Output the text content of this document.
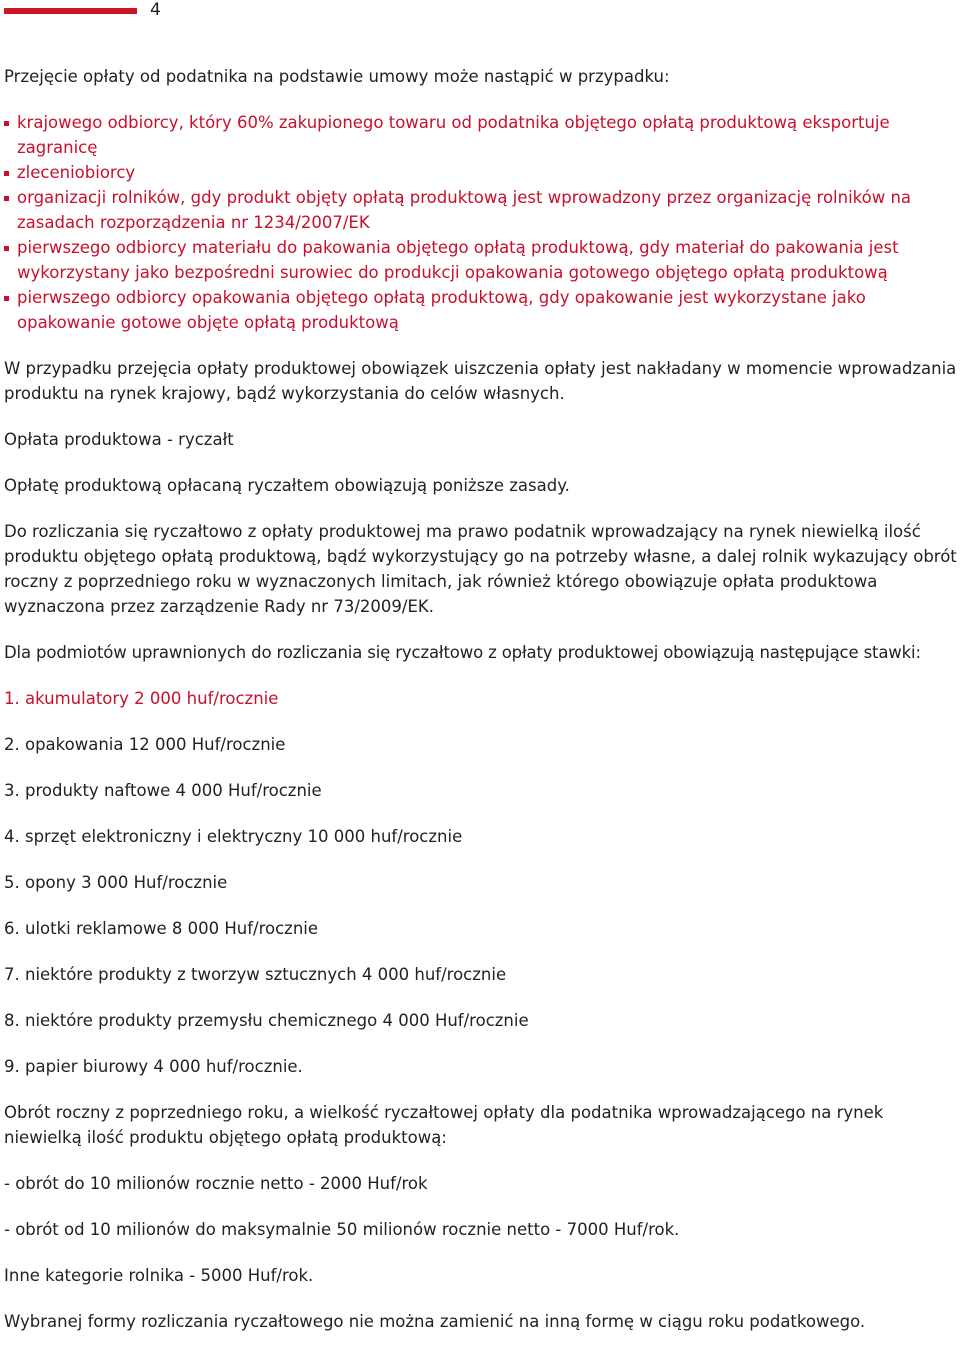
4

Przejęcie opłaty od podatnika na podstawie umowy może nastąpić w przypadku:

krajowego odbiorcy, który 60% zakupionego towaru od podatnika objętego opłatą produktową eksportuje zagranicę
zleceniobiorcy
organizacji rolników, gdy produkt objęty opłatą produktową jest wprowadzony przez organizację rolników na zasadach rozporządzenia nr 1234/2007/EK
pierwszego odbiorcy materiału do pakowania objętego opłatą produktową, gdy materiał do pakowania jest wykorzystany jako bezpośredni surowiec do produkcji opakowania gotowego objętego opłatą produktową
pierwszego odbiorcy opakowania objętego opłatą produktową, gdy opakowanie jest wykorzystane jako opakowanie gotowe objęte opłatą produktową

W przypadku przejęcia opłaty produktowej obowiązek uiszczenia opłaty jest nakładany w momencie wprowadzania produktu na rynek krajowy, bądź wykorzystania do celów własnych.

Opłata produktowa - ryczałt

Opłatę produktową opłacaną ryczałtem obowiązują poniższe zasady.

Do rozliczania się ryczałtowo z opłaty produktowej ma prawo podatnik wprowadzający na rynek niewielką ilość produktu objętego opłatą produktową, bądź wykorzystujący go na potrzeby własne, a dalej rolnik wykazujący obrót roczny z poprzedniego roku w wyznaczonych limitach, jak również którego obowiązuje opłata produktowa wyznaczona przez zarządzenie Rady nr 73/2009/EK.

Dla podmiotów uprawnionych do rozliczania się ryczałtowo z opłaty produktowej obowiązują następujące stawki:

1. akumulatory 2 000 huf/rocznie

2. opakowania 12 000 Huf/rocznie

3. produkty naftowe 4 000 Huf/rocznie

4. sprzęt elektroniczny i elektryczny 10 000 huf/rocznie

5. opony 3 000 Huf/rocznie

6. ulotki reklamowe 8 000 Huf/rocznie

7. niektóre produkty z tworzyw sztucznych 4 000 huf/rocznie

8. niektóre produkty przemysłu chemicznego 4 000 Huf/rocznie

9. papier biurowy 4 000 huf/rocznie.

Obrót roczny z poprzedniego roku, a wielkość ryczałtowej opłaty dla podatnika wprowadzającego na rynek niewielką ilość produktu objętego opłatą produktową:

- obrót do 10 milionów rocznie netto - 2000 Huf/rok

- obrót od 10 milionów do maksymalnie 50 milionów rocznie netto - 7000 Huf/rok.

Inne kategorie rolnika - 5000 Huf/rok.

Wybranej formy rozliczania ryczałtowego nie można zamienić na inną formę w ciągu roku podatkowego.
